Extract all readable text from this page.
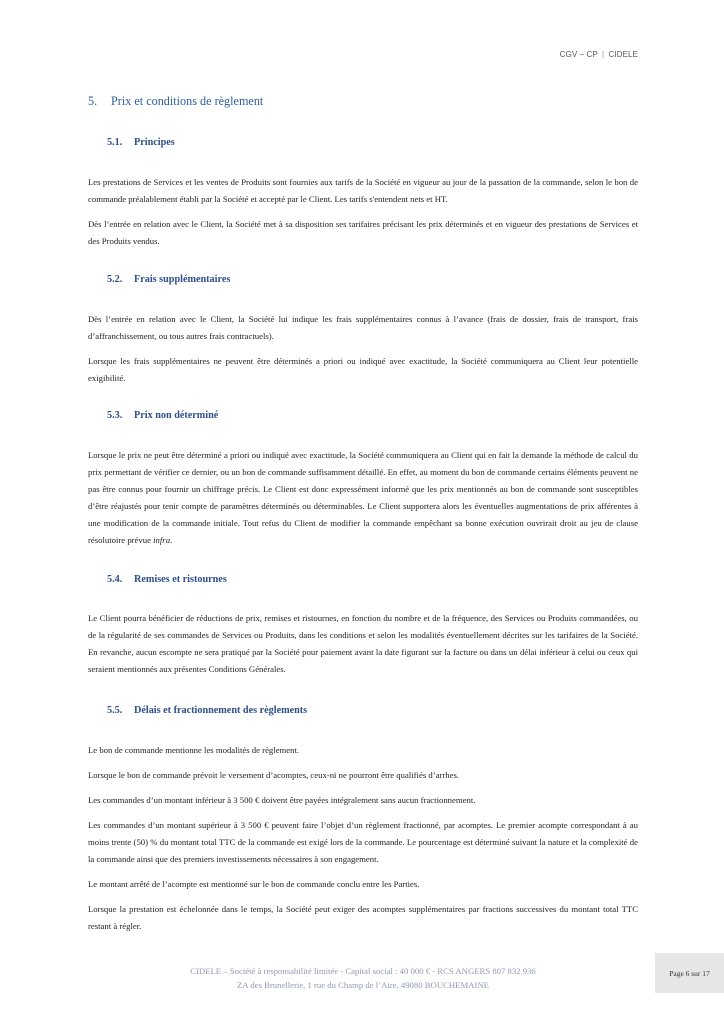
CGV – CP | CIDELE
5. Prix et conditions de règlement
5.1. Principes

Les prestations de Services et les ventes de Produits sont fournies aux tarifs de la Société en vigueur au jour de la passation de la commande, selon le bon de commande préalablement établi par la Société et accepté par le Client. Les tarifs s'entendent nets et HT.

Dès l’entrée en relation avec le Client, la Société met à sa disposition ses tarifaires précisant les prix déterminés et en vigueur des prestations de Services et des Produits vendus.

5.2. Frais supplémentaires

Dès l’entrée en relation avec le Client, la Société lui indique les frais supplémentaires connus à l’avance (frais de dossier, frais de transport, frais d’affranchissement, ou tous autres frais contractuels).

Lorsque les frais supplémentaires ne peuvent être déterminés a priori ou indiqué avec exactitude, la Société communiquera au Client leur potentielle exigibilité.

5.3. Prix non déterminé

Lorsque le prix ne peut être déterminé a priori ou indiqué avec exactitude, la Société communiquera au Client qui en fait la demande la méthode de calcul du prix permettant de vérifier ce dernier, ou un bon de commande suffisamment détaillé. En effet, au moment du bon de commande certains éléments peuvent ne pas être connus pour fournir un chiffrage précis. Le Client est donc expressément informé que les prix mentionnés au bon de commande sont susceptibles d’être réajustés pour tenir compte de paramètres déterminés ou déterminables. Le Client supportera alors les éventuelles augmentations de prix afférentes à une modification de la commande initiale. Tout refus du Client de modifier la commande empêchant sa bonne exécution ouvrirait droit au jeu de clause résolutoire prévue infra.

5.4. Remises et ristournes

Le Client pourra bénéficier de réductions de prix, remises et ristournes, en fonction du nombre et de la fréquence, des Services ou Produits commandées, ou de la régularité de ses commandes de Services ou Produits, dans les conditions et selon les modalités éventuellement décrites sur les tarifaires de la Société. En revanche, aucun escompte ne sera pratiqué par la Société pour paiement avant la date figurant sur la facture ou dans un délai inférieur à celui ou ceux qui seraient mentionnés aux présentes Conditions Générales.

5.5. Délais et fractionnement des règlements

Le bon de commande mentionne les modalités de règlement.

Lorsque le bon de commande prévoit le versement d’acomptes, ceux-ni ne pourront être qualifiés d’arrhes.

Les commandes d’un montant inférieur à 3 500 € doivent être payées intégralement sans aucun fractionnement.

Les commandes d’un montant supérieur à 3 500 € peuvent faire l’objet d’un règlement fractionné, par acomptes. Le premier acompte correspondant à au moins trente (50) % du montant total TTC de la commande est exigé lors de la commande. Le pourcentage est déterminé suivant la nature et la complexité de la commande ainsi que des premiers investissements nécessaires à son engagement.

Le montant arrêté de l’acompte est mentionné sur le bon de commande conclu entre les Parties.

Lorsque la prestation est échelonnée dans le temps, la Société peut exiger des acomptes supplémentaires par fractions successives du montant total TTC restant à régler.

CIDELE – Société à responsabilité limitée - Capital social : 40 000 € - RCS ANGERS 807 832 936
ZA des Brunellerie, 1 rue du Champ de l’Aire, 49080 BOUCHEMAINE
Page 6 sur 17
